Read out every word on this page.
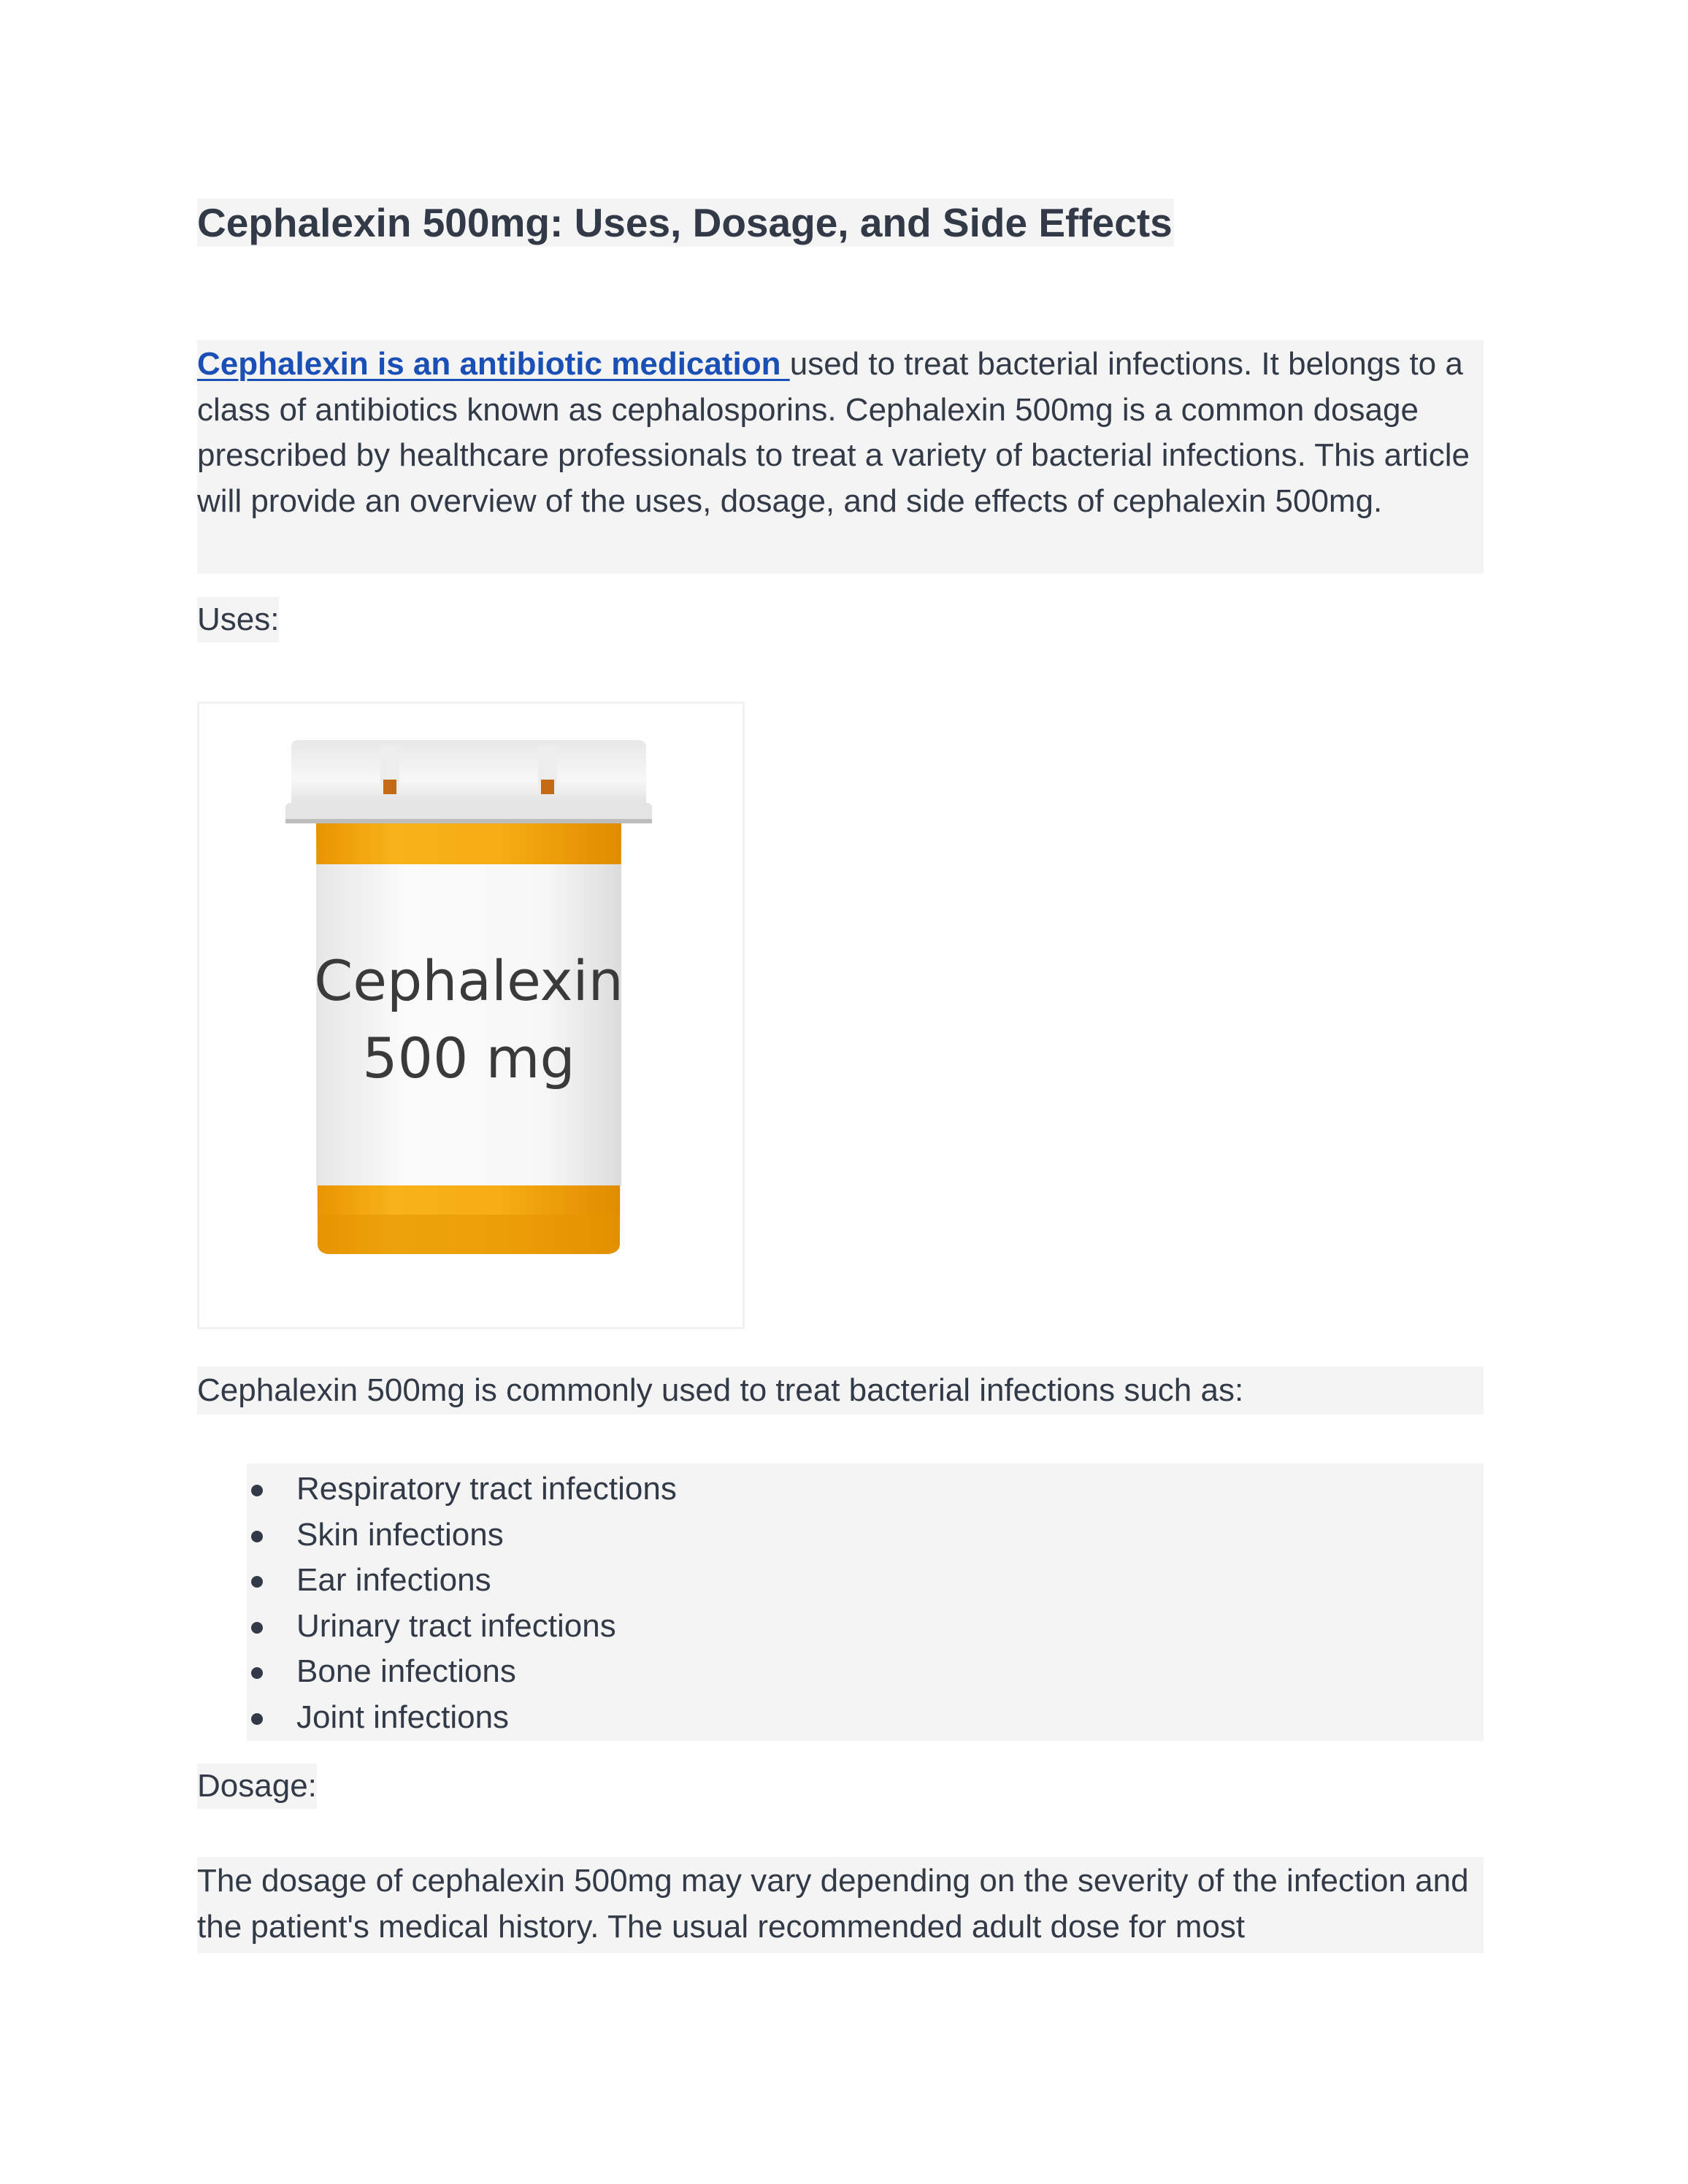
Cephalexin 500mg: Uses, Dosage, and Side Effects
Cephalexin is an antibiotic medication used to treat bacterial infections. It belongs to a class of antibiotics known as cephalosporins. Cephalexin 500mg is a common dosage prescribed by healthcare professionals to treat a variety of bacterial infections. This article will provide an overview of the uses, dosage, and side effects of cephalexin 500mg.
Uses:
Cephalexin
500 mg
Cephalexin 500mg is commonly used to treat bacterial infections such as:
Respiratory tract infections
Skin infections
Ear infections
Urinary tract infections
Bone infections
Joint infections
Dosage:
The dosage of cephalexin 500mg may vary depending on the severity of the infection and the patient's medical history. The usual recommended adult dose for most
